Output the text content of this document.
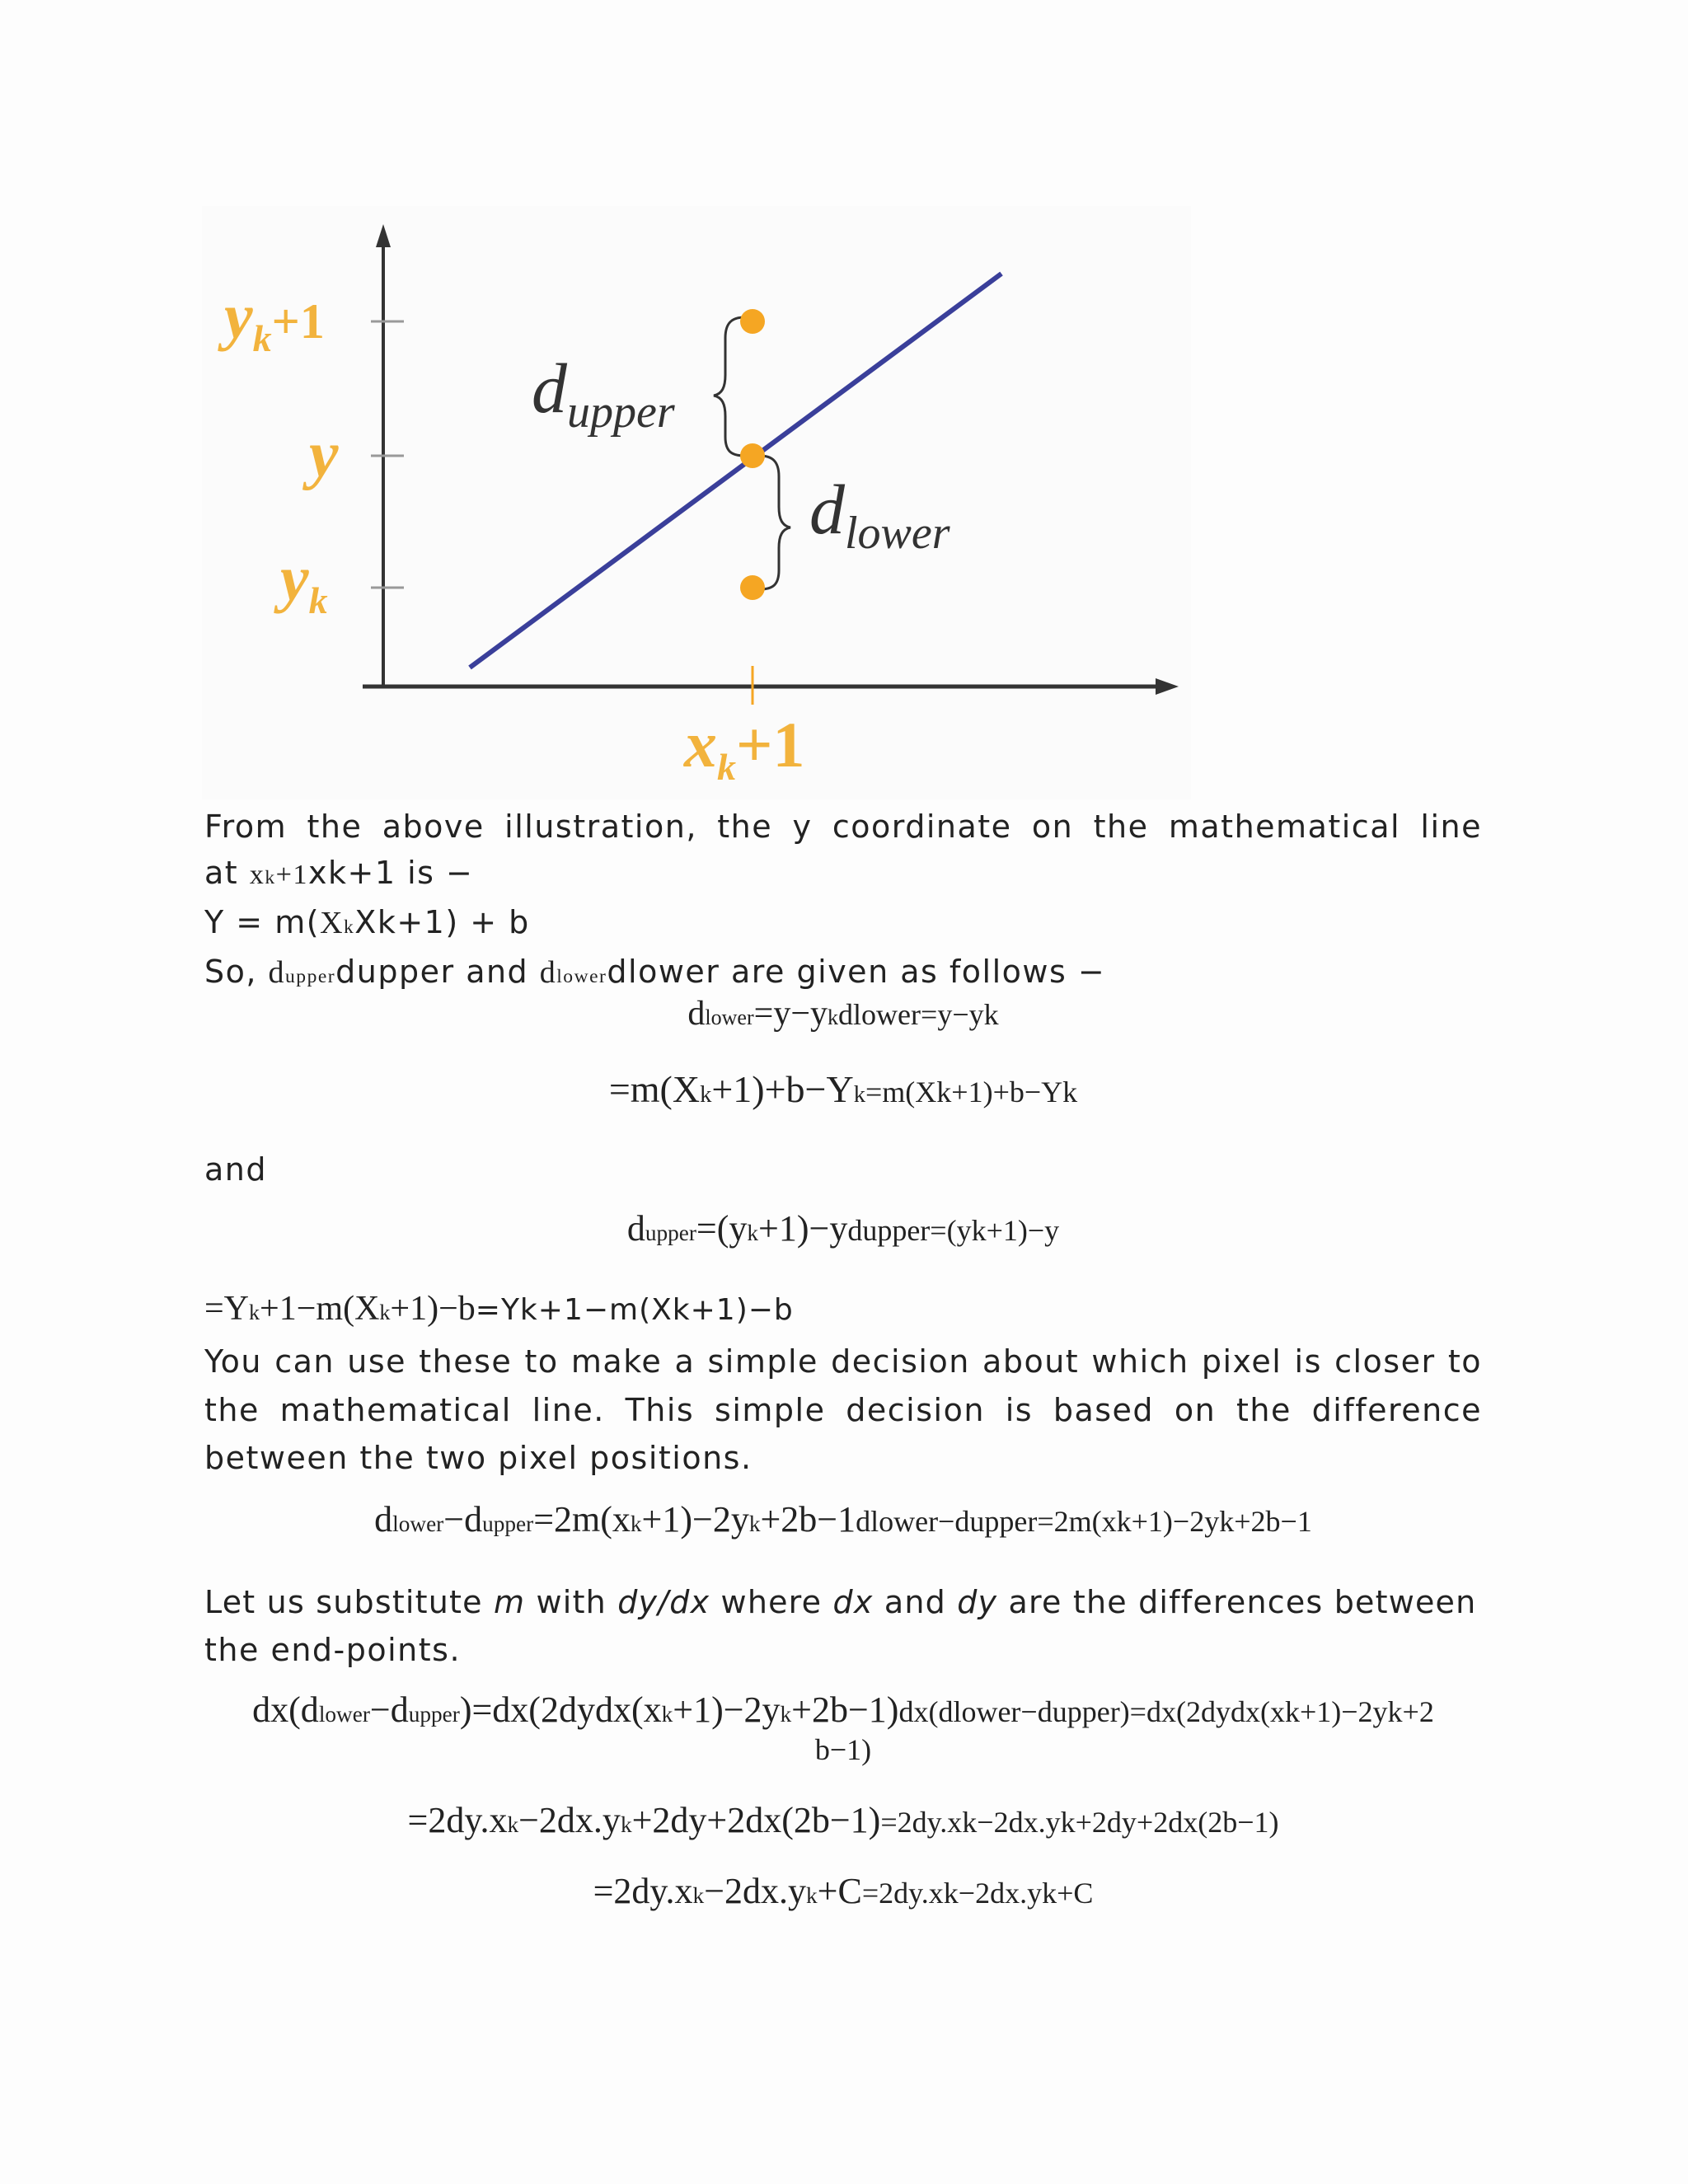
$y_k^{+1}$
y
$y_k$
$x_k+1$
$d_{upper}$
$d_{lower}$
From the above illustration, the y coordinate on the mathematical line
at xk+1xk+1 is −
Y = m(XkXk+1) + b
So, dupperdupper and dlowerdlower are given as follows −
dlower=y−ykdlower=y−yk
=m(Xk+1)+b−Yk=m(Xk+1)+b−Yk
and
dupper=(yk+1)−ydupper=(yk+1)−y
=Yk+1−m(Xk+1)−b=Yk+1−m(Xk+1)−b
You can use these to make a simple decision about which pixel is closer to
the mathematical line. This simple decision is based on the difference
between the two pixel positions.
dlower−dupper=2m(xk+1)−2yk+2b−1dlower−dupper=2m(xk+1)−2yk+2b−1
Let us substitute m with dy/dx where dx and dy are the differences between
the end-points.
dx(dlower−dupper)=dx(2dydx(xk+1)−2yk+2b−1)dx(dlower−dupper)=dx(2dydx(xk+1)−2yk+2
b−1)
=2dy.xk−2dx.yk+2dy+2dx(2b−1)=2dy.xk−2dx.yk+2dy+2dx(2b−1)
=2dy.xk−2dx.yk+C=2dy.xk−2dx.yk+C
